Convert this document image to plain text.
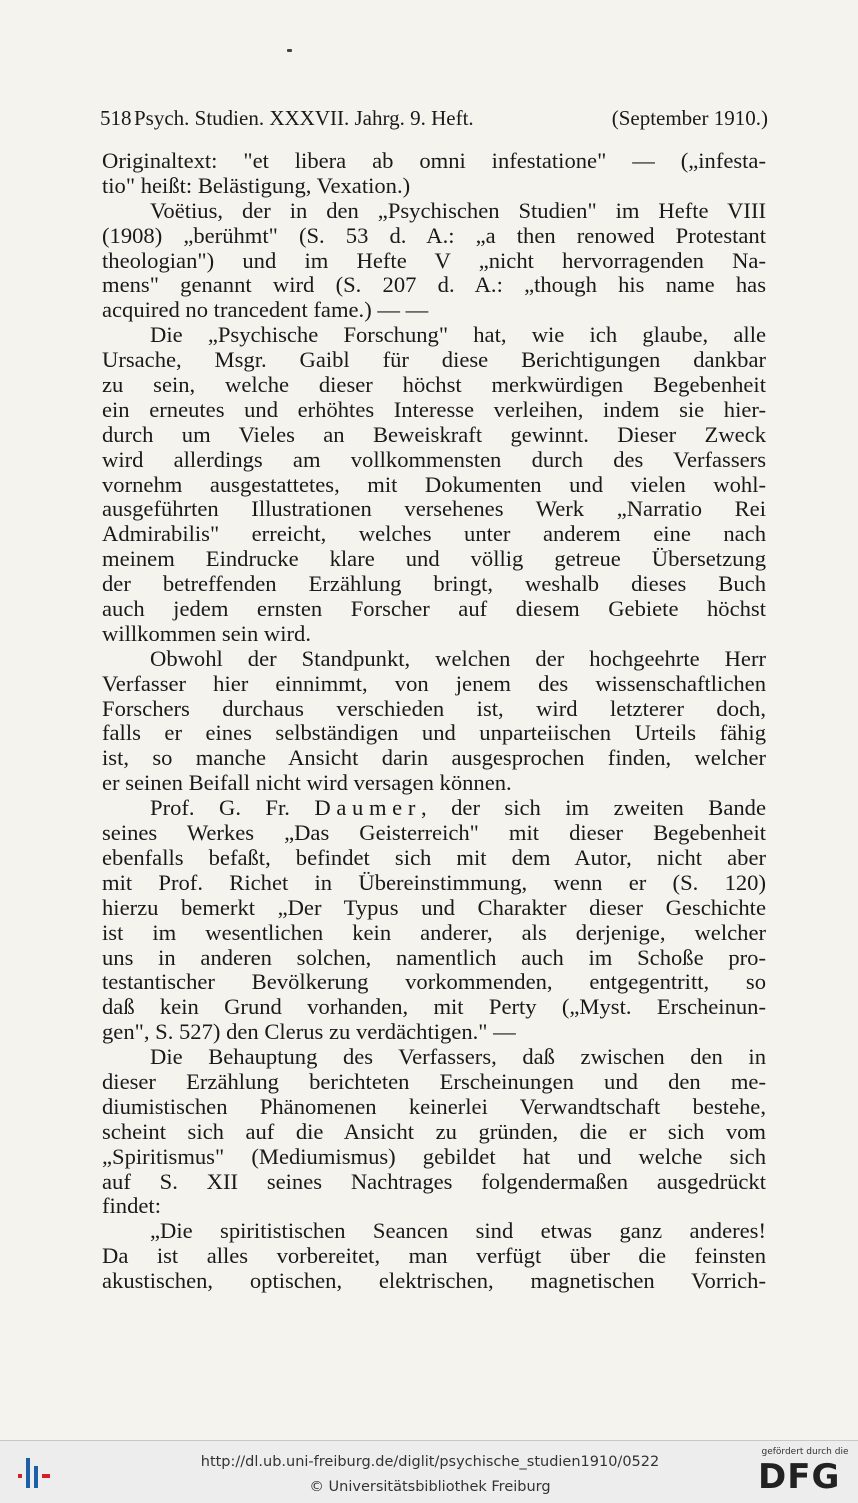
518 Psych. Studien. XXXVII. Jahrg. 9. Heft.	(September 1910.)
Originaltext: "et libera ab omni infestatione" — („infesta-
tio" heißt: Belästigung, Vexation.)
Voëtius, der in den „Psychischen Studien" im Hefte VIII
(1908) „berühmt" (S. 53 d. A.: „a then renowed Protestant
theologian") und im Hefte V „nicht hervorragenden Na-
mens" genannt wird (S. 207 d. A.: „though his name has
acquired no trancedent fame.) — —
Die „Psychische Forschung" hat, wie ich glaube, alle
Ursache, Msgr. Gaibl für diese Berichtigungen dankbar
zu sein, welche dieser höchst merkwürdigen Begebenheit
ein erneutes und erhöhtes Interesse verleihen, indem sie hier-
durch um Vieles an Beweiskraft gewinnt. Dieser Zweck
wird allerdings am vollkommensten durch des Verfassers
vornehm ausgestattetes, mit Dokumenten und vielen wohl-
ausgeführten Illustrationen versehenes Werk „Narratio Rei
Admirabilis" erreicht, welches unter anderem eine nach
meinem Eindrucke klare und völlig getreue Übersetzung
der betreffenden Erzählung bringt, weshalb dieses Buch
auch jedem ernsten Forscher auf diesem Gebiete höchst
willkommen sein wird.
Obwohl der Standpunkt, welchen der hochgeehrte Herr
Verfasser hier einnimmt, von jenem des wissenschaftlichen
Forschers durchaus verschieden ist, wird letzterer doch,
falls er eines selbständigen und unparteiischen Urteils fähig
ist, so manche Ansicht darin ausgesprochen finden, welcher
er seinen Beifall nicht wird versagen können.
Prof. G. Fr. Daumer, der sich im zweiten Bande
seines Werkes „Das Geisterreich" mit dieser Begebenheit
ebenfalls befaßt, befindet sich mit dem Autor, nicht aber
mit Prof. Richet in Übereinstimmung, wenn er (S. 120)
hierzu bemerkt „Der Typus und Charakter dieser Geschichte
ist im wesentlichen kein anderer, als derjenige, welcher
uns in anderen solchen, namentlich auch im Schoße pro-
testantischer Bevölkerung vorkommenden, entgegentritt, so
daß kein Grund vorhanden, mit Perty („Myst. Erscheinun-
gen", S. 527) den Clerus zu verdächtigen." —
Die Behauptung des Verfassers, daß zwischen den in
dieser Erzählung berichteten Erscheinungen und den me-
diumistischen Phänomenen keinerlei Verwandtschaft bestehe,
scheint sich auf die Ansicht zu gründen, die er sich vom
„Spiritismus" (Mediumismus) gebildet hat und welche sich
auf S. XII seines Nachtrages folgendermaßen ausgedrückt
findet:
„Die spiritistischen Seancen sind etwas ganz anderes!
Da ist alles vorbereitet, man verfügt über die feinsten
akustischen, optischen, elektrischen, magnetischen Vorrich-
http://dl.ub.uni-freiburg.de/diglit/psychische_studien1910/0522
© Universitätsbibliothek Freiburg
gefördert durch die
DFG
